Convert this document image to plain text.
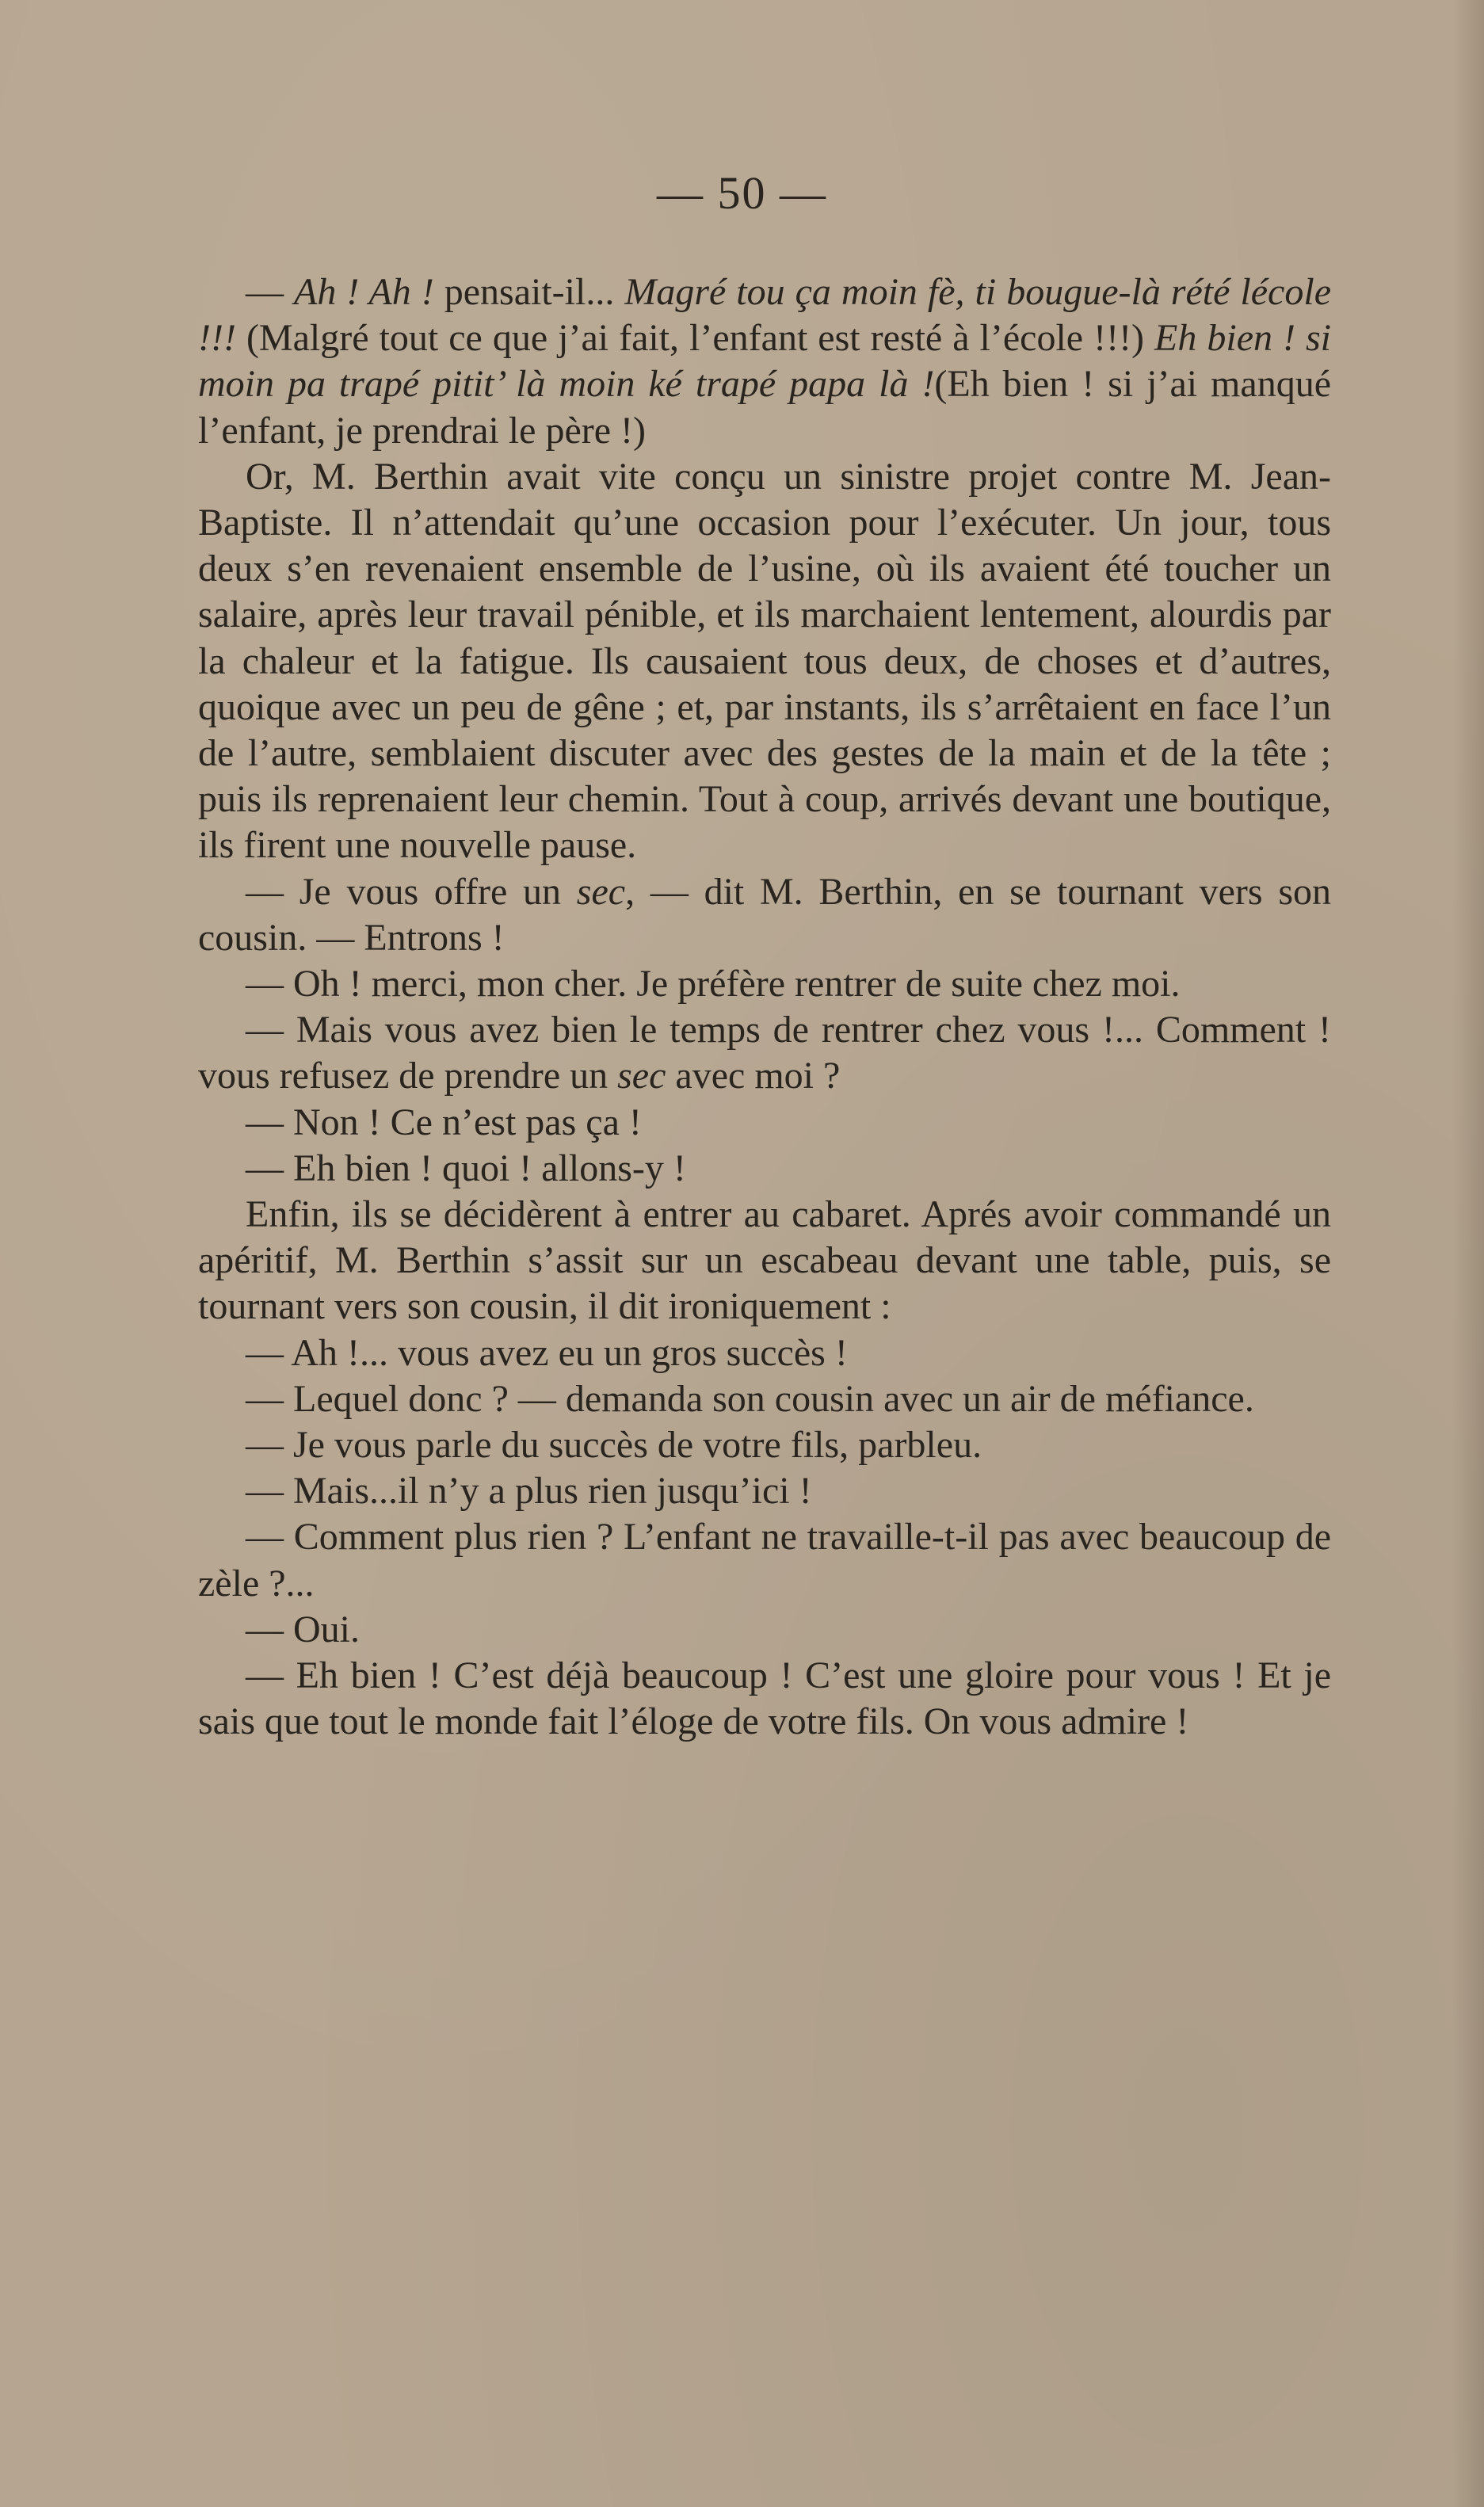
— 50 —

— Ah ! Ah ! pensait-il... Magré tou ça moin fè, ti bougue-là rété lécole !!! (Malgré tout ce que j’ai fait, l’enfant est resté à l’école !!!) Eh bien ! si moin pa trapé pitit’ là moin ké trapé papa là !(Eh bien ! si j’ai manqué l’enfant, je prendrai le père !)

Or, M. Berthin avait vite conçu un sinistre projet contre M. Jean-Baptiste. Il n’attendait qu’une occasion pour l’exécuter. Un jour, tous deux s’en revenaient ensemble de l’usine, où ils avaient été toucher un salaire, après leur travail pénible, et ils marchaient lentement, alourdis par la chaleur et la fatigue. Ils causaient tous deux, de choses et d’autres, quoique avec un peu de gêne ; et, par instants, ils s’arrêtaient en face l’un de l’autre, semblaient discuter avec des gestes de la main et de la tête ; puis ils reprenaient leur chemin. Tout à coup, arrivés devant une boutique, ils firent une nouvelle pause.

— Je vous offre un sec, — dit M. Berthin, en se tournant vers son cousin. — Entrons !

— Oh ! merci, mon cher. Je préfère rentrer de suite chez moi.

— Mais vous avez bien le temps de rentrer chez vous !... Comment ! vous refusez de prendre un sec avec moi ?

— Non ! Ce n’est pas ça !

— Eh bien ! quoi ! allons-y !

Enfin, ils se décidèrent à entrer au cabaret. Aprés avoir commandé un apéritif, M. Berthin s’assit sur un escabeau devant une table, puis, se tournant vers son cousin, il dit ironiquement :

— Ah !... vous avez eu un gros succès !

— Lequel donc ? — demanda son cousin avec un air de méfiance.

— Je vous parle du succès de votre fils, parbleu.

— Mais...il n’y a plus rien jusqu’ici !

— Comment plus rien ? L’enfant ne travaille-t-il pas avec beaucoup de zèle ?...

— Oui.

— Eh bien ! C’est déjà beaucoup ! C’est une gloire pour vous ! Et je sais que tout le monde fait l’éloge de votre fils. On vous admire !
